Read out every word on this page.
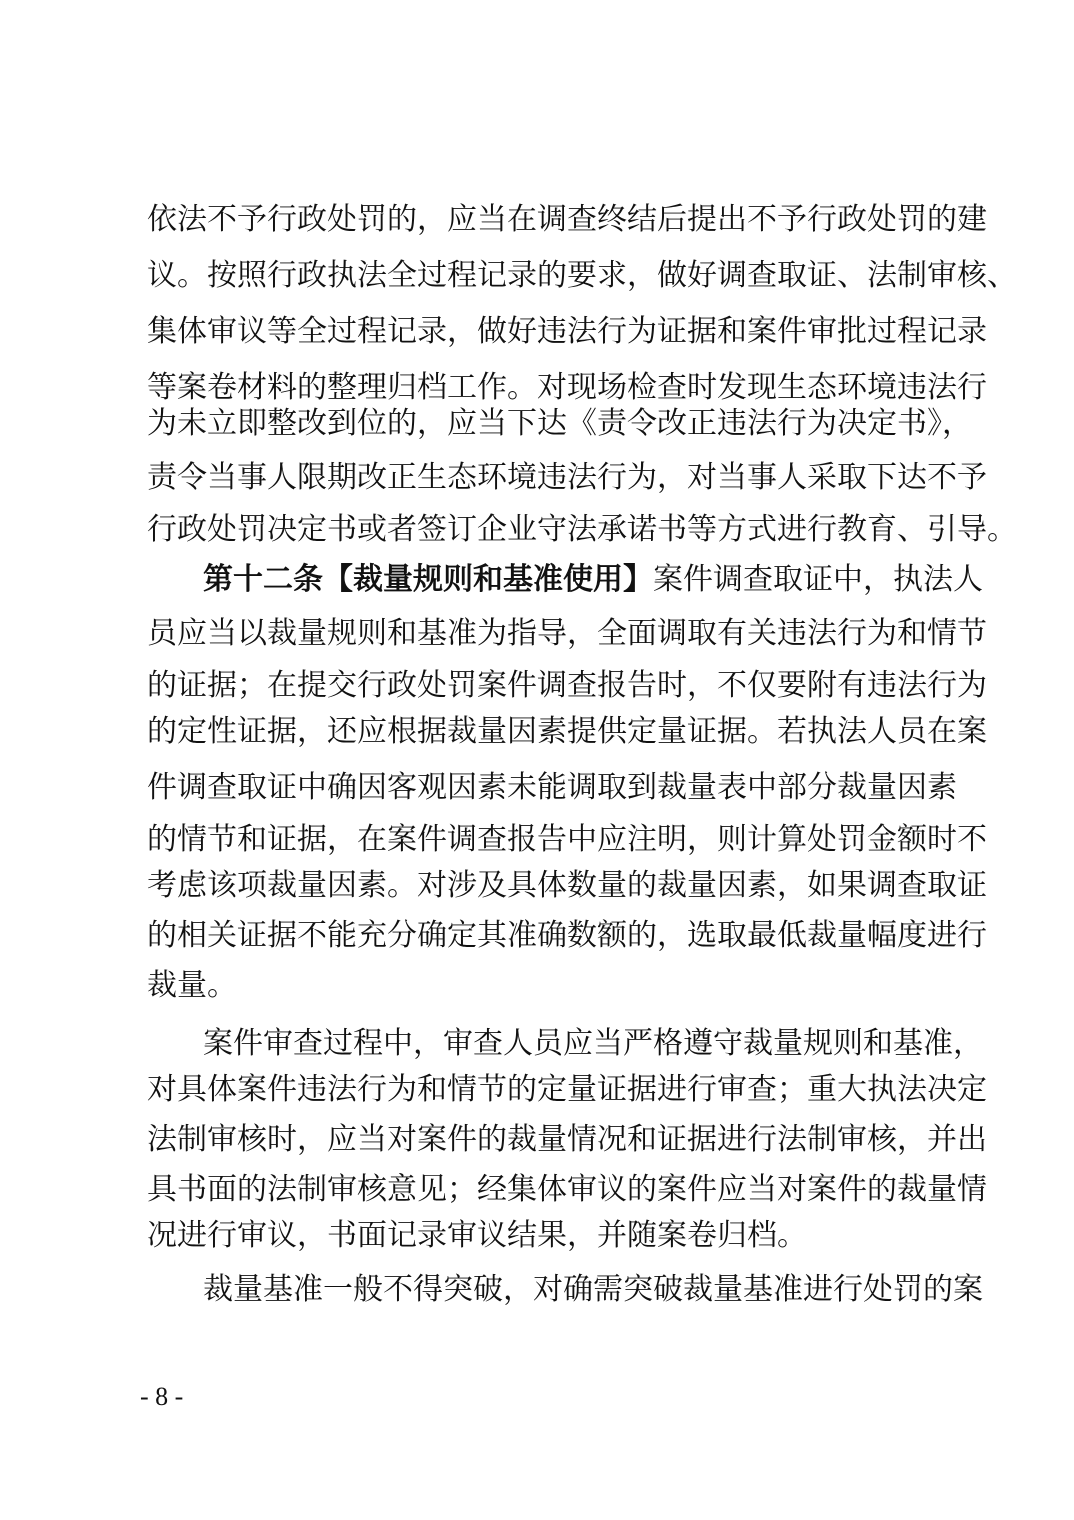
依法不予行政处罚的，应当在调查终结后提出不予行政处罚的建
议。按照行政执法全过程记录的要求，做好调查取证、法制审核、
集体审议等全过程记录，做好违法行为证据和案件审批过程记录
等案卷材料的整理归档工作。对现场检查时发现生态环境违法行
为未立即整改到位的，应当下达《责令改正违法行为决定书》，
责令当事人限期改正生态环境违法行为，对当事人采取下达不予
行政处罚决定书或者签订企业守法承诺书等方式进行教育、引导。
第十二条【裁量规则和基准使用】案件调查取证中，执法人
员应当以裁量规则和基准为指导，全面调取有关违法行为和情节
的证据；在提交行政处罚案件调查报告时，不仅要附有违法行为
的定性证据，还应根据裁量因素提供定量证据。若执法人员在案
件调查取证中确因客观因素未能调取到裁量表中部分裁量因素
的情节和证据，在案件调查报告中应注明，则计算处罚金额时不
考虑该项裁量因素。对涉及具体数量的裁量因素，如果调查取证
的相关证据不能充分确定其准确数额的，选取最低裁量幅度进行
裁量。
案件审查过程中，审查人员应当严格遵守裁量规则和基准，
对具体案件违法行为和情节的定量证据进行审查；重大执法决定
法制审核时，应当对案件的裁量情况和证据进行法制审核，并出
具书面的法制审核意见；经集体审议的案件应当对案件的裁量情
况进行审议，书面记录审议结果，并随案卷归档。
裁量基准一般不得突破，对确需突破裁量基准进行处罚的案
- 8 -
